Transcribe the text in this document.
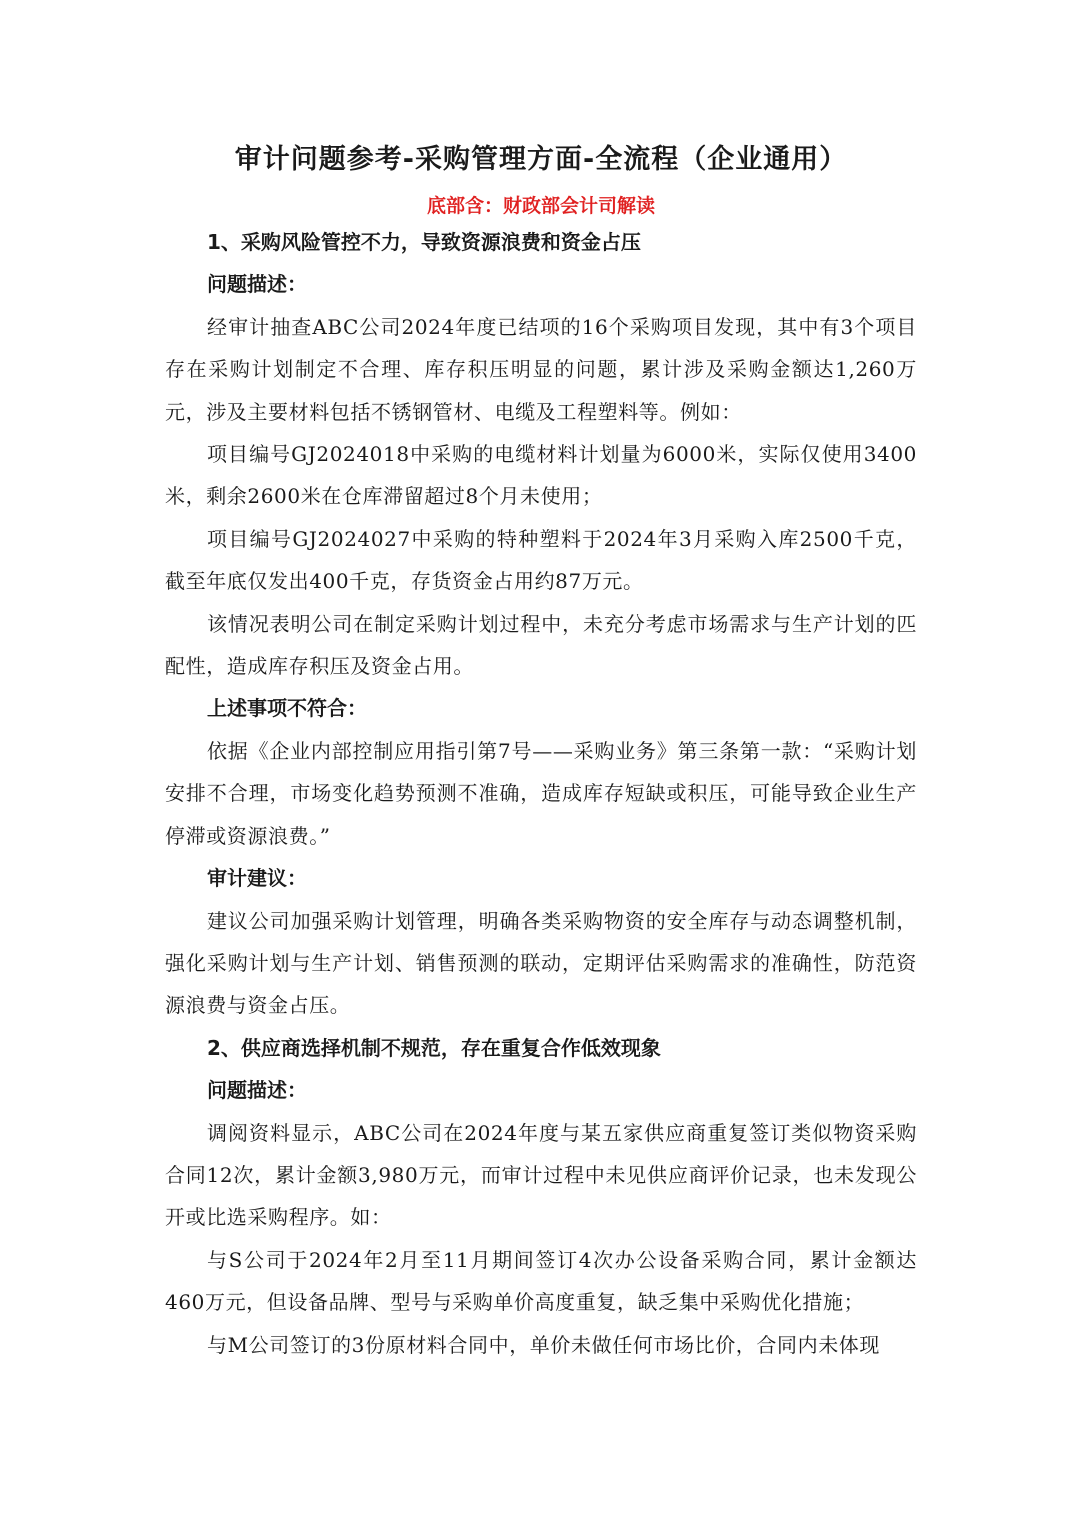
审计问题参考-采购管理方面-全流程（企业通用）

底部含：财政部会计司解读

1、采购风险管控不力，导致资源浪费和资金占压

问题描述：

经审计抽查ABC公司2024年度已结项的16个采购项目发现，其中有3个项目存在采购计划制定不合理、库存积压明显的问题，累计涉及采购金额达1,260万元，涉及主要材料包括不锈钢管材、电缆及工程塑料等。例如：

项目编号GJ2024018中采购的电缆材料计划量为6000米，实际仅使用3400米，剩余2600米在仓库滞留超过8个月未使用；

项目编号GJ2024027中采购的特种塑料于2024年3月采购入库2500千克，截至年底仅发出400千克，存货资金占用约87万元。

该情况表明公司在制定采购计划过程中，未充分考虑市场需求与生产计划的匹配性，造成库存积压及资金占用。

上述事项不符合：

依据《企业内部控制应用指引第7号——采购业务》第三条第一款：“采购计划安排不合理，市场变化趋势预测不准确，造成库存短缺或积压，可能导致企业生产停滞或资源浪费。”

审计建议：

建议公司加强采购计划管理，明确各类采购物资的安全库存与动态调整机制，强化采购计划与生产计划、销售预测的联动，定期评估采购需求的准确性，防范资源浪费与资金占压。

2、供应商选择机制不规范，存在重复合作低效现象

问题描述：

调阅资料显示，ABC公司在2024年度与某五家供应商重复签订类似物资采购合同12次，累计金额3,980万元，而审计过程中未见供应商评价记录，也未发现公开或比选采购程序。如：

与S公司于2024年2月至11月期间签订4次办公设备采购合同，累计金额达460万元，但设备品牌、型号与采购单价高度重复，缺乏集中采购优化措施；

与M公司签订的3份原材料合同中，单价未做任何市场比价，合同内未体现
